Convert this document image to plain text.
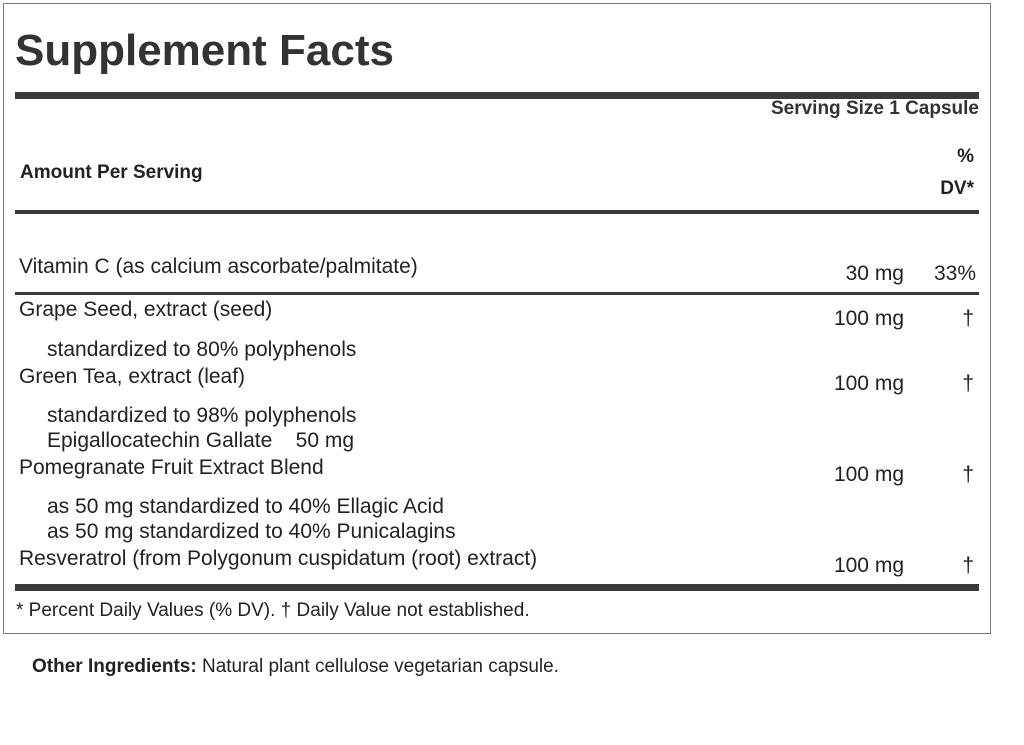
Supplement Facts
Serving Size 1 Capsule
Amount Per Serving
%
DV*
Vitamin C (as calcium ascorbate/palmitate)	30 mg 33%
Grape Seed, extract (seed)	100 mg	†
standardized to 80% polyphenols
Green Tea, extract (leaf)	100 mg	†
standardized to 98% polyphenols
Epigallocatechin Gallate    50 mg
Pomegranate Fruit Extract Blend	100 mg	†
as 50 mg standardized to 40% Ellagic Acid
as 50 mg standardized to 40% Punicalagins
Resveratrol (from Polygonum cuspidatum (root) extract)	100 mg	†
* Percent Daily Values (% DV). † Daily Value not established.
Other Ingredients: Natural plant cellulose vegetarian capsule.
